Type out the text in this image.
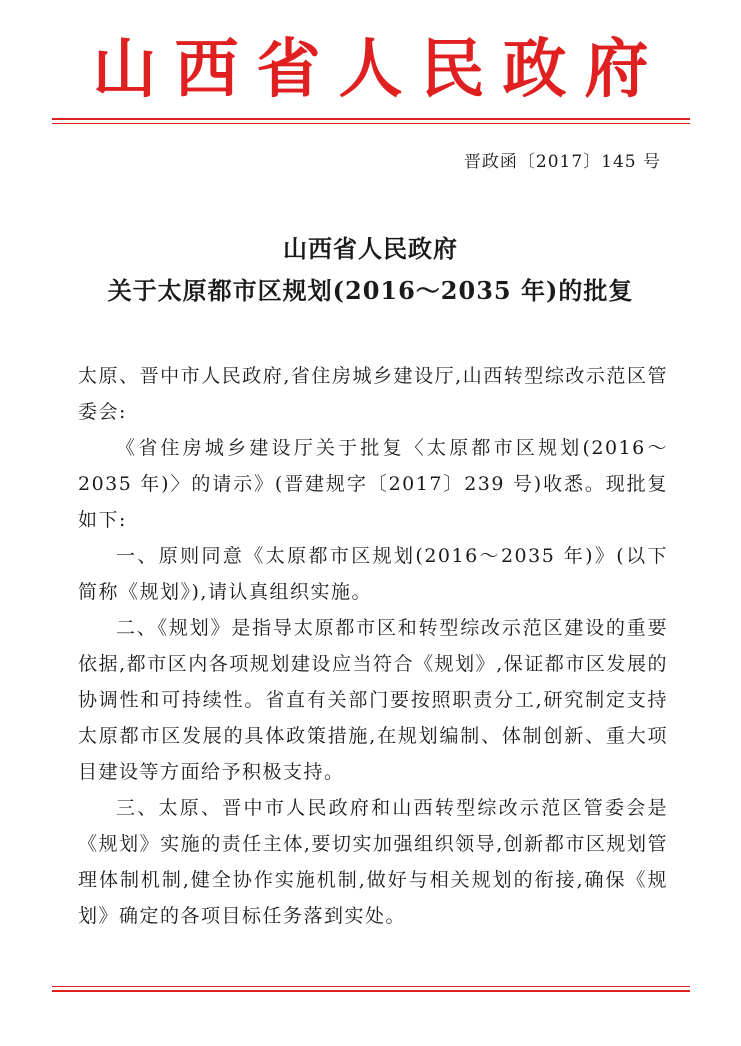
山西省人民政府
晋政函〔2017〕145 号
山西省人民政府
关于太原都市区规划(2016～2035 年)的批复

太原、晋中市人民政府,省住房城乡建设厅,山西转型综改示范区管委会:

《省住房城乡建设厅关于批复〈太原都市区规划(2016～2035 年)〉的请示》(晋建规字〔2017〕239 号)收悉。现批复如下:

一、原则同意《太原都市区规划(2016～2035 年)》(以下简称《规划》),请认真组织实施。

二、《规划》是指导太原都市区和转型综改示范区建设的重要依据,都市区内各项规划建设应当符合《规划》,保证都市区发展的协调性和可持续性。省直有关部门要按照职责分工,研究制定支持太原都市区发展的具体政策措施,在规划编制、体制创新、重大项目建设等方面给予积极支持。

三、太原、晋中市人民政府和山西转型综改示范区管委会是《规划》实施的责任主体,要切实加强组织领导,创新都市区规划管理体制机制,健全协作实施机制,做好与相关规划的衔接,确保《规划》确定的各项目标任务落到实处。
